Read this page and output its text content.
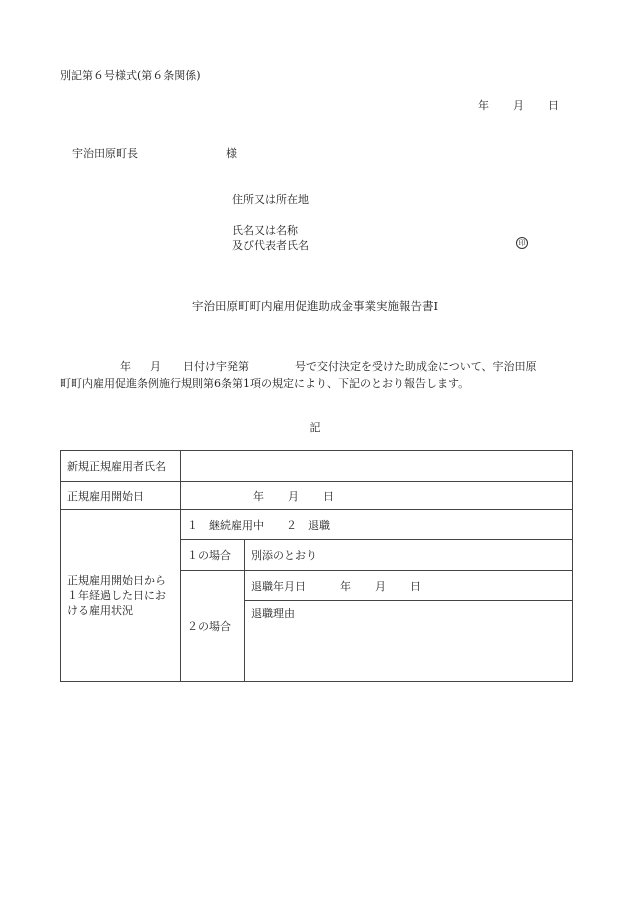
別記第６号様式(第６条関係)
年 月 日
宇治田原町長	様
住所又は所在地
氏名又は名称
及び代表者氏名	印
宇治田原町町内雇用促進助成金事業実施報告書Ⅰ
年 月 日付け宇発第	号で交付決定を受けた助成金について、宇治田原
町町内雇用促進条例施行規則第6条第1項の規定により、下記のとおり報告します。
記
新規正規雇用者氏名		
正規雇用開始日	年 月 日	
正規雇用開始日から１年経過した日における雇用状況	１　継続雇用中 ２　退職	
	１の場合	別添のとおり
	２の場合	退職年月日 年 月 日
		退職理由
